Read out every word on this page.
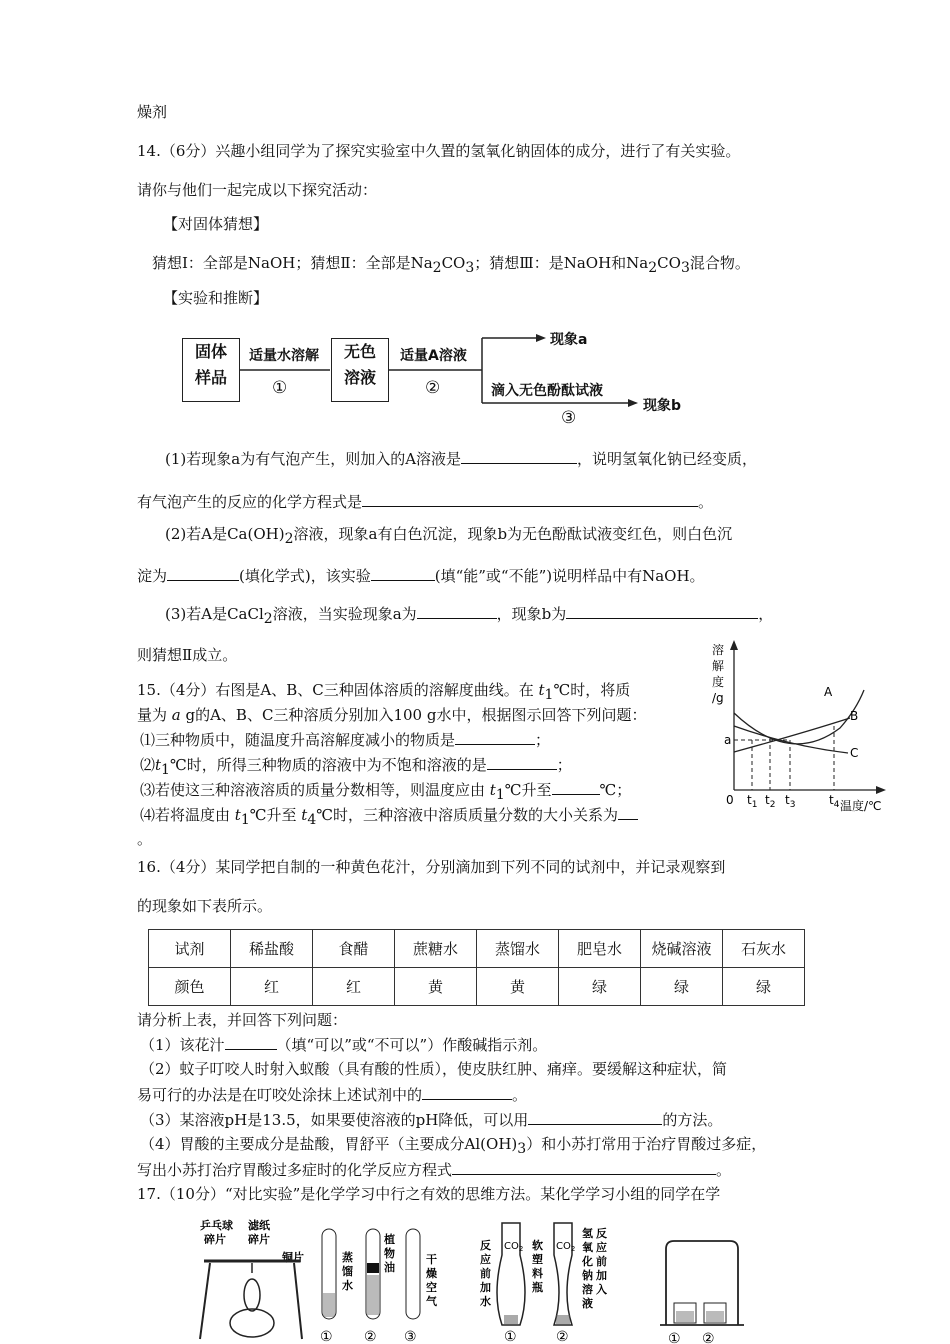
燥剂
14.（6分）兴趣小组同学为了探究实验室中久置的氢氧化钠固体的成分，进行了有关实验。
请你与他们一起完成以下探究活动：
【对固体猜想】
猜想Ⅰ：全部是NaOH；猜想Ⅱ：全部是$Na_2CO_3$；猜想Ⅲ：是NaOH和$Na_2CO_3$混合物。
【实验和推断】
固体
样品
无色
溶液
适量水溶解
①
适量A溶液
②	滴入无色酚酞试液
③
现象a
现象b
(1)若现象a为有气泡产生，则加入的A溶液是	，说明氢氧化钠已经变质，
有气泡产生的反应的化学方程式是	。
(2)若A是$Ca(OH)_2$溶液，现象a有白色沉淀，现象b为无色酚酞试液变红色，则白色沉
淀为	(填化学式)，该实验	(填“能”或“不能”)说明样品中有NaOH。
(3)若A是CaCl$_2$溶液，当实验现象a为	，现象b为	，
则猜想Ⅱ成立。
15.（4分）右图是A、B、C三种固体溶质的溶解度曲线。在 $t_1℃$时，将质
量为 a g的A、B、C三种溶质分别加入100 g水中，根据图示回答下列问题：
⑴三种物质中，随温度升高溶解度减小的物质是	；
$⑵t_1℃$时，所得三种物质的溶液中为不饱和溶液的是	；
⑶若使这三种溶液溶质的质量分数相等，则温度应由 $t_1℃$升至	℃；
⑷若将温度由 $t_1℃$升至 $t_4℃$时，三种溶液中溶质质量分数的大小关系为
。
溶
解
度
/g
a
0 $t_1$ $t_2$ $t_3$	$t_4$ 温度/℃
A
B
C
16.（4分）某同学把自制的一种黄色花汁，分别滴加到下列不同的试剂中，并记录观察到
的现象如下表所示。
试剂	稀盐酸	食醋	蔗糖水	蒸馏水	肥皂水	烧碱溶液	石灰水
颜色	红	红	黄	黄	绿	绿	绿
请分析上表，并回答下列问题：
（1）该花汁	（填“可以”或“不可以”）作酸碱指示剂。
（2）蚊子叮咬人时射入蚁酸（具有酸的性质），使皮肤红肿、痛痒。要缓解这种症状，简
易可行的办法是在叮咬处涂抹上述试剂中的	。
（3）某溶液pH是13.5，如果要使溶液的pH降低，可以用	的方法。
（4）胃酸的主要成分是盐酸，胃舒平（主要成分$Al(OH)_3$）和小苏打常用于治疗胃酸过多症，
写出小苏打治疗胃酸过多症时的化学反应方程式	。
17.（10分）“对比实验”是化学学习中行之有效的思维方法。某化学学习小组的同学在学
乒乓球
碎片
滤纸
碎片
铜片	蒸
馏
水
植
物
油
干
燥
空
气
① ② ③
$CO_2$	$CO_2$
反
应
前
加
水
软
塑
料
瓶
氢
氧
化
钠
溶
液
反
应
前
加
入
①	②	① ②
